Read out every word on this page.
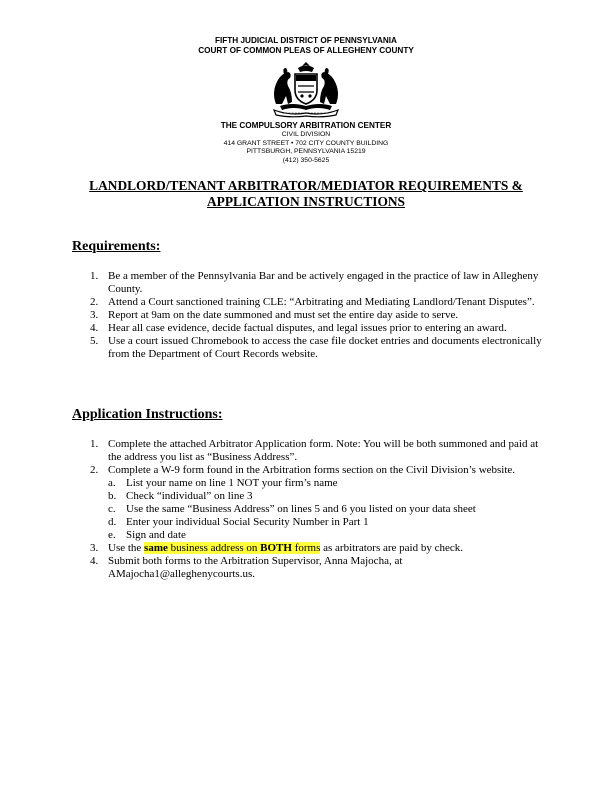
FIFTH JUDICIAL DISTRICT OF PENNSYLVANIA
COURT OF COMMON PLEAS OF ALLEGHENY COUNTY
THE COMPULSORY ARBITRATION CENTER
CIVIL DIVISION
414 GRANT STREET • 702 CITY COUNTY BUILDING
PITTSBURGH, PENNSYLVANIA 15219
(412) 350-5625
LANDLORD/TENANT ARBITRATOR/MEDIATOR REQUIREMENTS &
APPLICATION INSTRUCTIONS
Requirements:
1. Be a member of the Pennsylvania Bar and be actively engaged in the practice of law in Allegheny County.
2. Attend a Court sanctioned training CLE: “Arbitrating and Mediating Landlord/Tenant Disputes”.
3. Report at 9am on the date summoned and must set the entire day aside to serve.
4. Hear all case evidence, decide factual disputes, and legal issues prior to entering an award.
5. Use a court issued Chromebook to access the case file docket entries and documents electronically from the Department of Court Records website.
Application Instructions:
1. Complete the attached Arbitrator Application form. Note: You will be both summoned and paid at the address you list as “Business Address”.
2. Complete a W-9 form found in the Arbitration forms section on the Civil Division’s website.
a. List your name on line 1 NOT your firm’s name
b. Check “individual” on line 3
c. Use the same “Business Address” on lines 5 and 6 you listed on your data sheet
d. Enter your individual Social Security Number in Part 1
e. Sign and date
3. Use the same business address on BOTH forms as arbitrators are paid by check.
4. Submit both forms to the Arbitration Supervisor, Anna Majocha, at AMajocha1@alleghenycourts.us.
